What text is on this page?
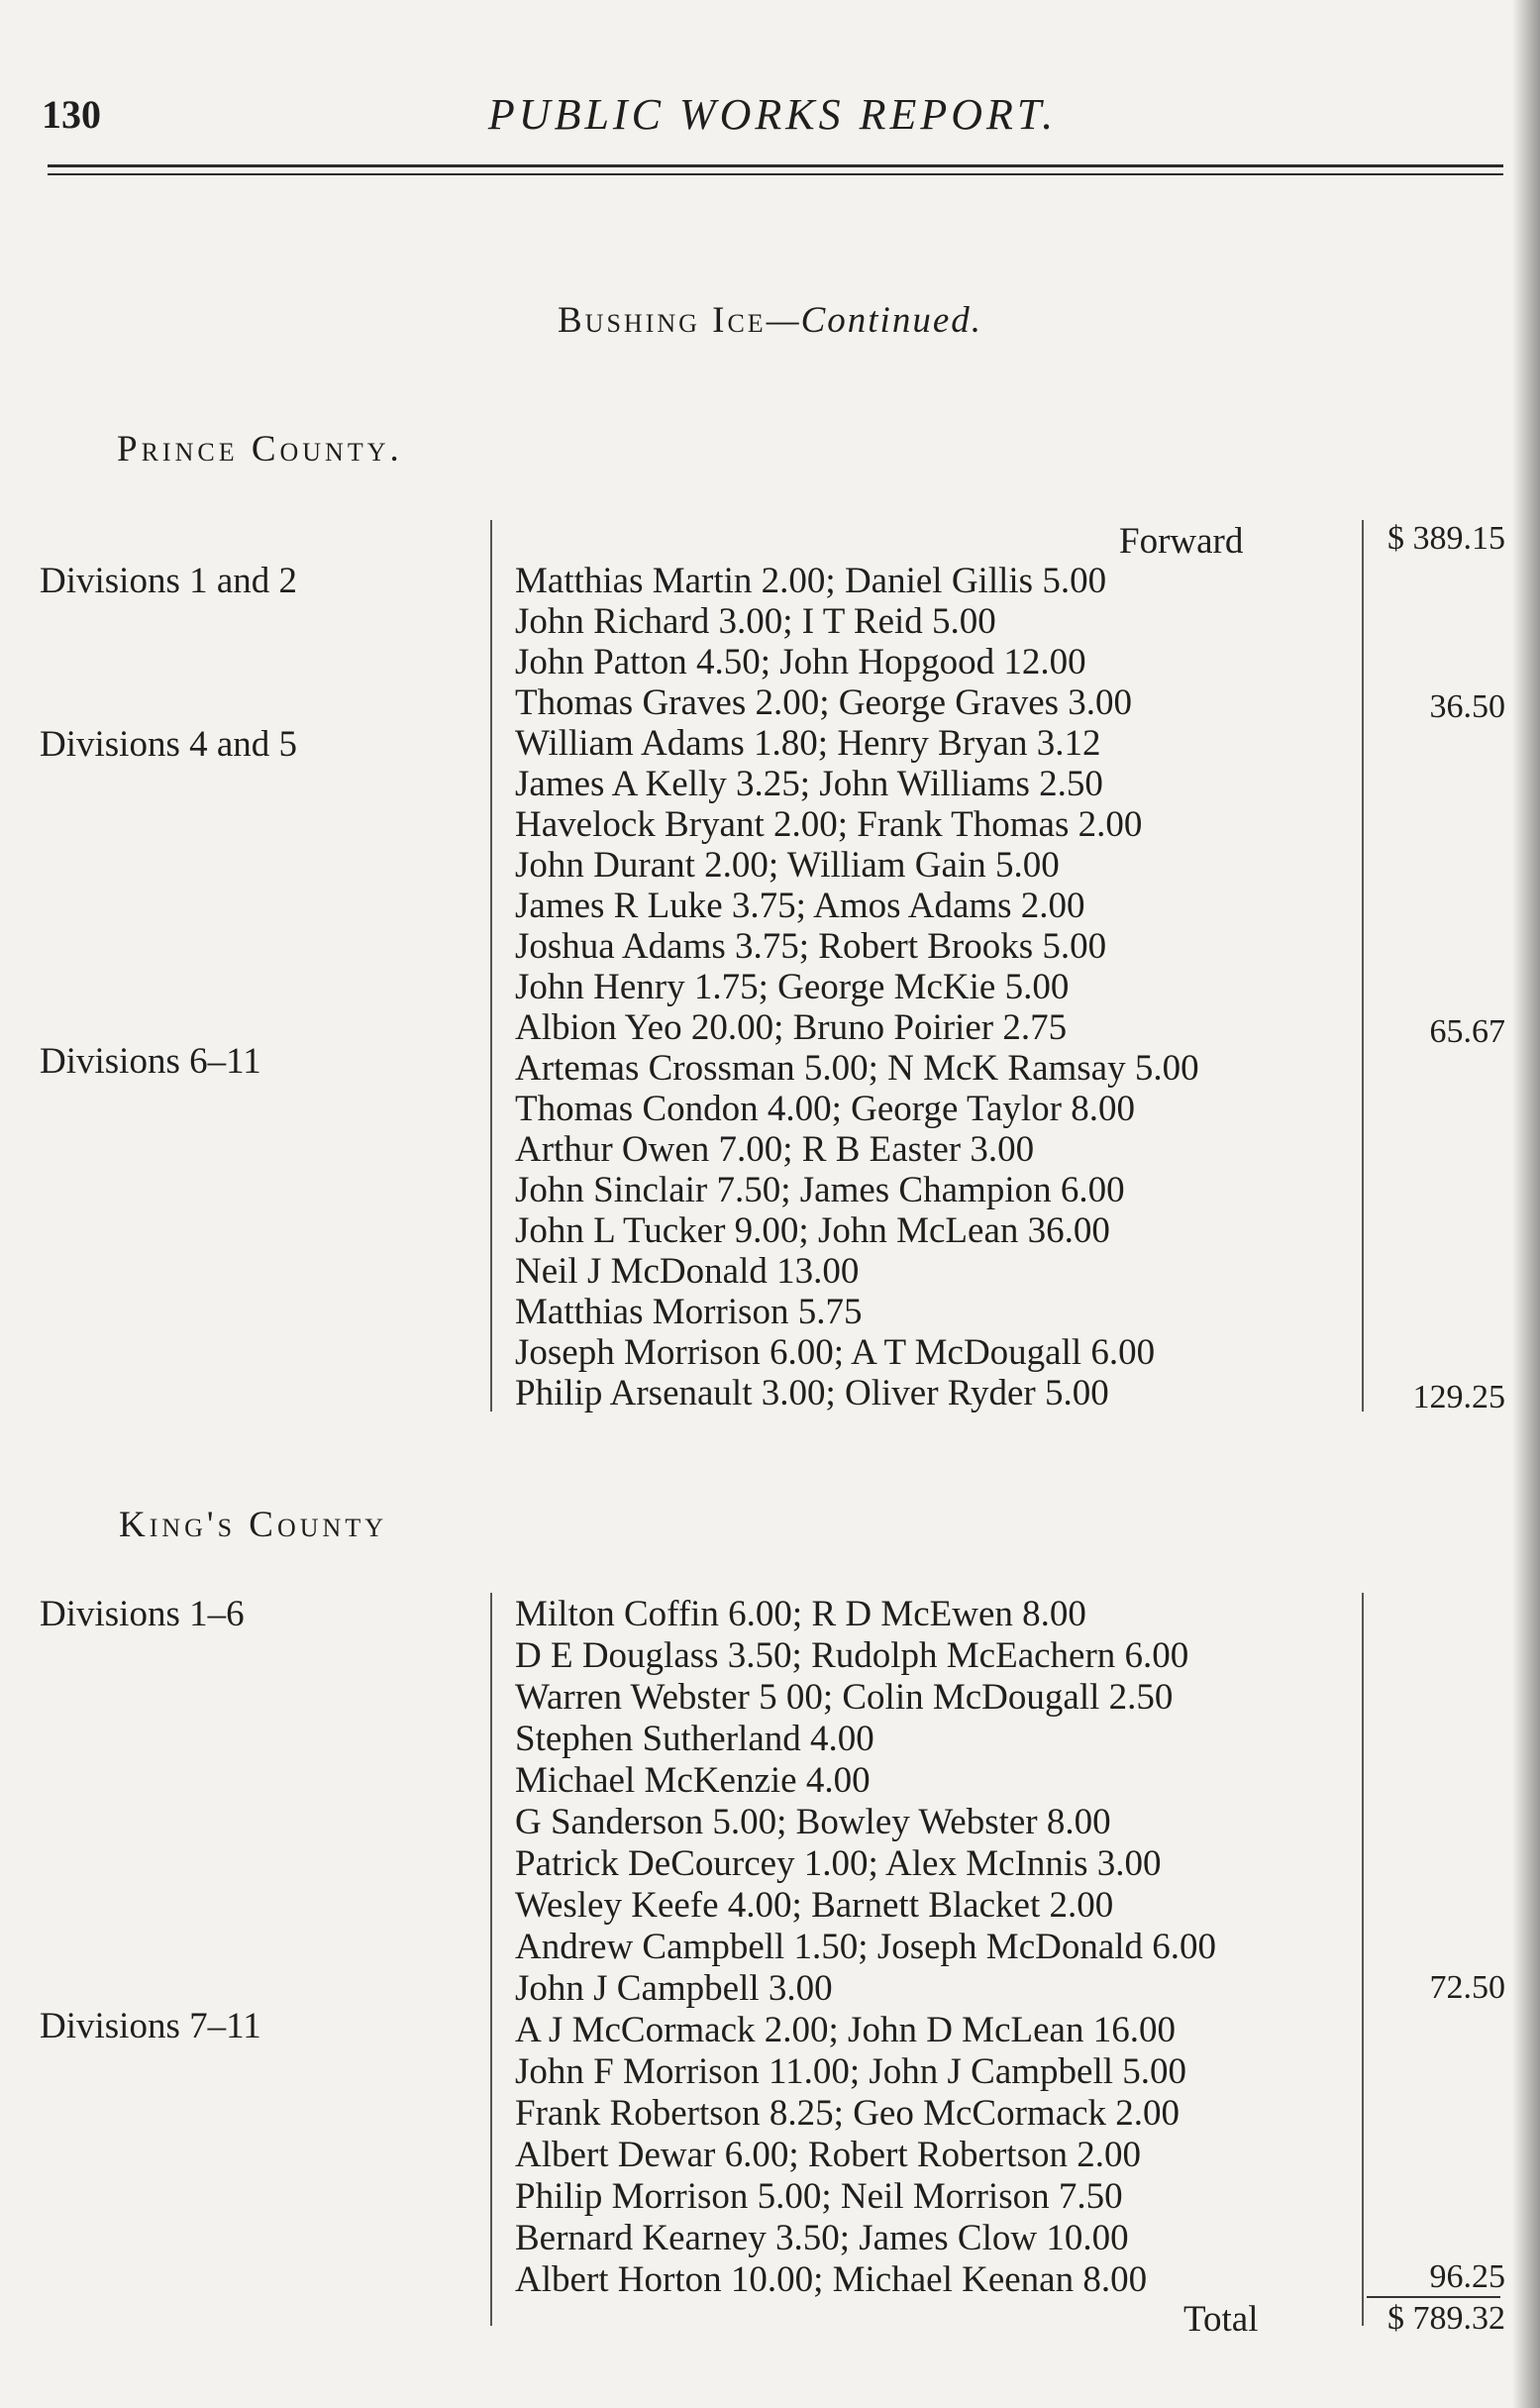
PUBLIC WORKS REPORT.
130
Bushing Ice—Continued.
Prince County.
Divisions 1 and 2
Divisions 4 and 5
Divisions 6–11
Forward	$ 389.15
Matthias Martin 2.00; Daniel Gillis 5.00
John Richard 3.00; I T Reid 5.00
John Patton 4.50; John Hopgood 12.00
Thomas Graves 2.00; George Graves 3.00
William Adams 1.80; Henry Bryan 3.12
James A Kelly 3.25; John Williams 2.50
Havelock Bryant 2.00; Frank Thomas 2.00
John Durant 2.00; William Gain 5.00
James R Luke 3.75; Amos Adams 2.00
Joshua Adams 3.75; Robert Brooks 5.00
John Henry 1.75; George McKie 5.00
Albion Yeo 20.00; Bruno Poirier 2.75
Artemas Crossman 5.00; N McK Ramsay 5.00
Thomas Condon 4.00; George Taylor 8.00
Arthur Owen 7.00; R B Easter 3.00
John Sinclair 7.50; James Champion 6.00
John L Tucker 9.00; John McLean 36.00
Neil J McDonald 13.00
Matthias Morrison 5.75
Joseph Morrison 6.00; A T McDougall 6.00
Philip Arsenault 3.00; Oliver Ryder 5.00
36.50
65.67
129.25
King's County
Divisions 1–6
Divisions 7–11
Milton Coffin 6.00; R D McEwen 8.00
D E Douglass 3.50; Rudolph McEachern 6.00
Warren Webster 5 00; Colin McDougall 2.50
Stephen Sutherland 4.00
Michael McKenzie 4.00
G Sanderson 5.00; Bowley Webster 8.00
Patrick DeCourcey 1.00; Alex McInnis 3.00
Wesley Keefe 4.00; Barnett Blacket 2.00
Andrew Campbell 1.50; Joseph McDonald 6.00
John J Campbell 3.00
A J McCormack 2.00; John D McLean 16.00
John F Morrison 11.00; John J Campbell 5.00
Frank Robertson 8.25; Geo McCormack 2.00
Albert Dewar 6.00; Robert Robertson 2.00
Philip Morrison 5.00; Neil Morrison 7.50
Bernard Kearney 3.50; James Clow 10.00
Albert Horton 10.00; Michael Keenan 8.00
72.50
96.25
Total	$ 789.32
